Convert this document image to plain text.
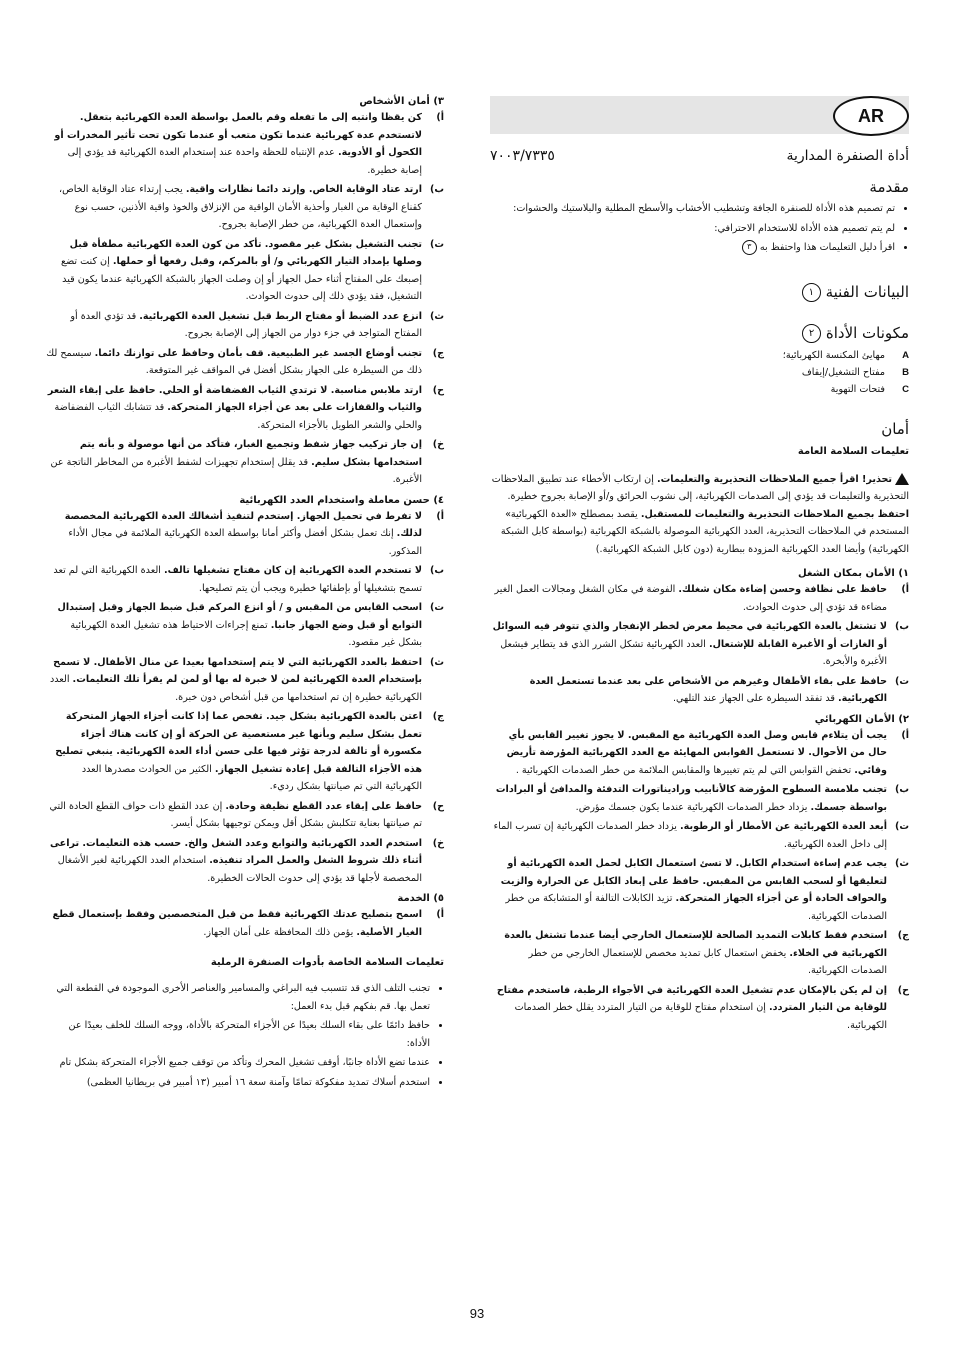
AR
أداة الصنفرة المدارية
٧٠٠٣/٧٣٣٥
مقدمة
• تم تصميم هذه الأداة للصنفرة الجافة وتشطيب الأخشاب والأسطح المطلية والبلاستيك والحشوات:
• لم يتم تصميم هذه الأداة للاستخدام الاحترافي:
• اقرأ دليل التعليمات هذا واحتفظ به ٣
البيانات الفنية ١
مكونات الأداة ٢
A
مهايئ المكنسة الكهربائية؛
B
مفتاح التشغيل/إيقاف
C
فتحات التهوية
أمان
تعليمات السلامة العامة

تحذير! اقرأ جميع الملاحظات التحذيرية والتعليمات. إن ارتكاب الأخطاء عند تطبيق الملاحظات التحذيرية والتعليمات قد يؤدي إلى الصدمات الكهربائية، إلى نشوب الحرائق و/أو الإصابة بجروح خطيرة. احتفظ بجميع الملاحظات التحذيرية والتعليمات للمستقبل. يقصد بمصطلح «العدة الكهربائية» المستخدم في الملاحظات التحذيرية، العدد الكهربائية الموصولة بالشبكة الكهربائية (بواسطة كابل الشبكة الكهربائية) وأيضا العدد الكهربائية المزودة ببطارية (دون كابل الشبكة الكهربائية.)

١) الأمان بمكان الشغل
أ)
حافظ على نظافة وحسن إضاءة مكان شغلك. الفوضة في مكان الشغل ومجالات العمل الغير مضاءة قد تؤدي إلى حدوث الحوادث.
ب)
لا تشتغل بالعدة الكهربائية في محيط معرض لخطر الإنفجار والذي تتوفر فيه السوائل أو الغازات أو الأغبرة القابلة للإشتعال. العدد الكهربائية تشكل الشرر الذي قد يتطاير فيشعل الأغبرة والأبخرة.
ت)
حافظ على بقاء الأطفال وغيرهم من الأشخاص على بعد عندما تستعمل العدة الكهربائية. قد تفقد السيطرة على الجهاز عند التلهي.
٢) الأمان الكهربائي
أ)
يجب أن يتلاءم قابس وصل العدة الكهربائية مع المقبس. لا يجوز تغيير القابس بأي حال من الأحوال. لا تستعمل القوابس المهايئة مع العدد الكهربائية المؤرضة تأريض وقائي. تخفض القوابس التي لم يتم تغييرها والمقابس الملائمة من خطر الصدمات الكهربائية .
ب)
تجنب ملامسة السطوح المؤرضة كالأنابيب وراديناتورات التدفئة والمدافئ أو البرادات بواسطة جسمك. يزداد خطر الصدمات الكهربائية عندما يكون جسمك مؤرض.
ت)
أبعد العدة الكهربائية عن الأمطار أو الرطوبة. يزداد خطر الصدمات الكهربائية إن تسرب الماء إلى داخل العدة الكهربائية.
ث)
يجب عدم إساءة استخدام الكابل. لا تسئ استعمال الكابل لحمل العدة الكهربائية أو لتعليقها أو لسحب القابس من المقبس. حافظ على إبعاد الكابل عن الحرارة والزيت والحواف الحادة أو عن أجزاء الجهاز المتحركة. تزيد الكابلات التالفة أو المتشابكة من خطر الصدمات الكهربائية.
ج)
استخدم فقط كابلات التمديد الصالحة للإستعمال الخارجي أيضا عندما تشتغل بالعدة الكهربائية في الخلاء. يخفض استعمال كابل تمديد مخصص للإستعمال الخارجي من خطر الصدمات الكهربائية.
ح)
إن لم يكن بالإمكان عدم تشغيل العدة الكهربائية في الأجواء الرطبة، فاستخدم مفتاح للوقاية من التيار المتردد. إن استخدام مفتاح للوقاية من التيار المتردد يقلل خطر الصدمات الكهربائية.
٣) أمان الأشخاص
أ)
كن يقظا وانتبه إلى ما تفعله وقم بالعمل بواسطة العدة الكهربائية بتعقل. لاتستخدم عدة كهربائية عندما تكون متعب أو عندما تكون تحت تأثير المخدرات أو الكحول أو الأدوية. عدم الإنتباه للحظة واحدة عند إستخدام العدة الكهربائية قد يؤدي إلى إصابة خطيرة.
ب)
ارتد عتاد الوقاية الخاص. وإرتد دائما نظارات واقية. يجب إرتداء عتاد الوقاية الخاص، كقناع الوقاية من الغبار وأحذية الأمان الواقية من الإنزلاق والخوذ واقية الأذنين، حسب نوع وإستعمال العدة الكهربائية، من خطر الإصابة بجروح.
ت)
تجنب التشغيل بشكل غير مقصود. تأكد من كون العدة الكهربائية مطفأة قبل وصلها بإمداد التيار الكهربائي و/ أو بالمركم، وقبل رفعها أو حملها. إن كنت تضع إصبعك على المفتاح أثناء حمل الجهاز أو إن وصلت الجهاز بالشبكة الكهربائية عندما يكون قيد التشغيل، فقد يؤدي ذلك إلى حدوث الحوادث.
ث)
انزع عدد الضبط أو مفتاح الربط قبل تشغيل العدة الكهربائية. قد تؤدي العدة أو المفتاح المتواجد في جزء دوار من الجهاز إلى الإصابة بجروح.
ج)
تجنب أوضاع الجسد غير الطبيعية. قف بأمان وحافظ على توازنك دائما. سيسمح لك ذلك من السيطرة على الجهاز بشكل أفضل في المواقف غير المتوقعة.
ح)
ارتد ملابس مناسبة. لا ترتدي الثياب الفضفاضة أو الحلي. حافظ على إبقاء الشعر والثياب والقفازات على بعد عن أجزاء الجهاز المتحركة. قد تتشابك الثياب الفضفاضة والحلي والشعر الطويل بالأجزاء المتحركة.
خ)
إن جاز تركيب جهاز شفط وتجميع الغبار، فتأكد من أنها موصولة و بأنه يتم استخدامها بشكل سليم. قد يقلل إستخدام تجهيزات لشفط الأغبرة من المخاطر الناتجة عن الأغبرة.
٤) حسن معاملة واستخدام العدد الكهربائية
أ)
لا تفرط في تحميل الجهاز. إستخدم لتنفيذ أشغالك العدة الكهربائية المخصصة لذلك. إنك تعمل بشكل أفضل وأكثر أمانا بواسطة العدة الكهربائية الملائمة في مجال الأداء المذكور.
ب)
لا تستخدم العدة الكهربائية إن كان مفتاح تشغيلها تالف. العدة الكهربائية التي لم تعد تسمح بتشغيلها أو بإطفائها خطيرة ويجب أن يتم تصليحها.
ت)
اسحب القابس من المقبس و / أو انزع المركم قبل ضبط الجهاز وقبل إستبدال التوابع أو قبل وضع الجهاز جانبا. تمنع إجراءات الاحتياط هذه تشغيل العدة الكهربائية بشكل غير مقصود.
ث)
احتفظ بالعدد الكهربائية التي لا يتم إستخدامها بعيدا عن منال الأطفال. لا تسمح بإستخدام العدة الكهربائية لمن لا خبرة له بها أو لمن لم يقرأ تلك التعليمات. العدد الكهربائية خطيرة إن تم استخدامها من قبل أشخاص دون خبرة.
ج)
اعتن بالعدة الكهربائية بشكل جيد. تفحص عما إذا كانت أجزاء الجهاز المتحركة تعمل بشكل سليم وبأنها غير مستعصية عن الحركة أو إن كانت هناك أجزاء مكسورة أو تالفة لدرجة تؤثر فيها على حسن أداء العدة الكهربائية. ينبغي تصليح هذه الأجزاء التالفة قبل إعادة تشغيل الجهاز. الكثير من الحوادث مصدرها العدد الكهربائية التي تم صيانتها بشكل رديء.
ح)
حافظ على إبقاء عدد القطع نظيفة وحادة. إن عدد القطع ذات حواف القطع الحادة التي تم صيانتها بعناية تتكلبش بشكل أقل ويمكن توجيهها بشكل أيسر.
خ)
استخدم العدد الكهربائية والتوابع وعدد الشغل والخ. حسب هذه التعليمات. تراعى أثناء ذلك شروط الشغل والعمل المراد تنفيذه. استخدام العدد الكهربائية لغير الأشغال المخصصة لأجلها قد يؤدي إلى حدوث الحالات الخطيرة.
٥) الخدمة
أ)
اسمح بتصليح عدتك الكهربائية فقط من قبل المتخصصين وفقط بإستعمال قطع الغيار الأصلية. يؤمن ذلك المحافظة على أمان الجهاز.
تعليمات السلامة الخاصة بأدوات الصنفرة الرملية
• تجنب التلف الذي قد تتسبب فيه البراغي والمسامير والعناصر الأخرى الموجودة في القطعة التي تعمل بها. قم بفكهم قبل بدء العمل:
• حافظ دائمًا على بقاء السلك بعيدًا عن الأجزاء المتحركة بالأداة، ووجه السلك للخلف بعيدًا عن الأداة:
• عندما تضع الأداة جانبًا، أوقف تشغيل المحرك وتأكد من توقف جميع الأجزاء المتحركة بشكل تام
• استخدم أسلاك تمديد مفكوكة تمامًا وآمنة سعة ١٦ أمبير (١٣ أمبير في بريطانيا العظمى)
93
